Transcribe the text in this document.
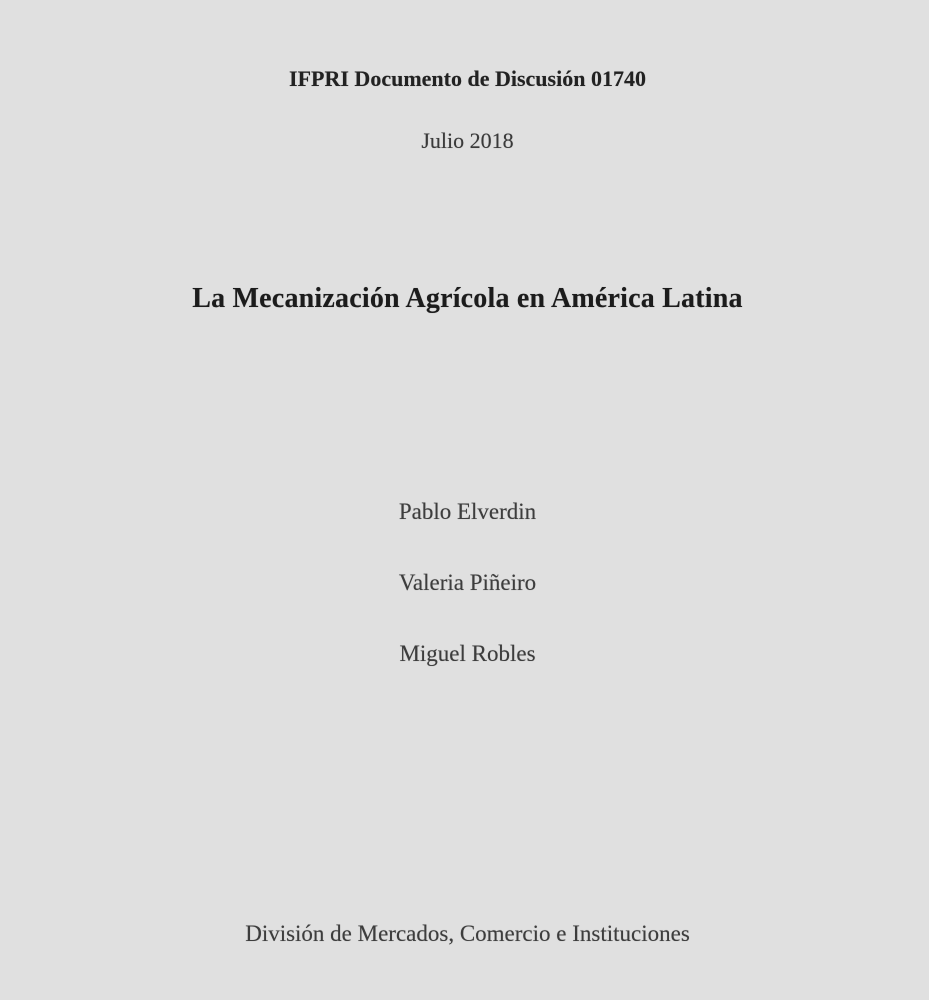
IFPRI Documento de Discusión 01740
Julio 2018
La Mecanización Agrícola en América Latina
Pablo Elverdin
Valeria Piñeiro
Miguel Robles
División de Mercados, Comercio e Instituciones
